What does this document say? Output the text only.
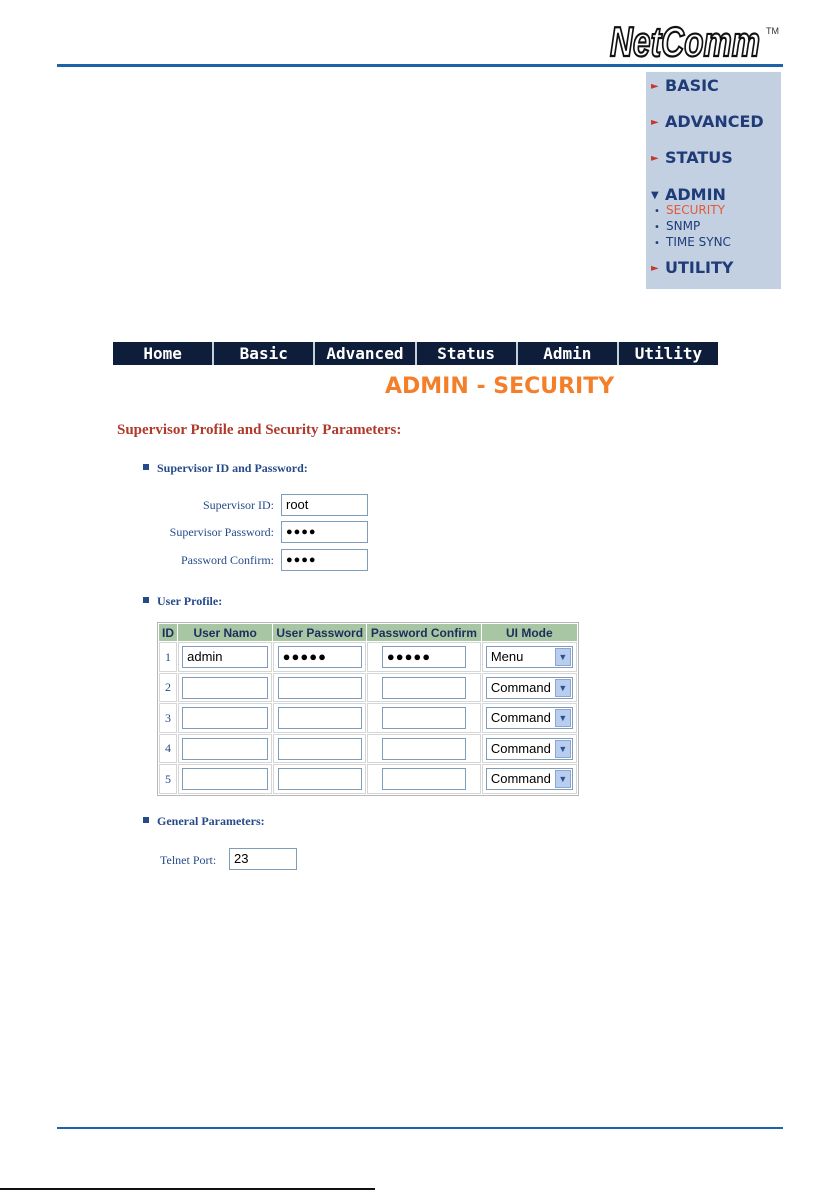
NetComm TM
► BASIC
► ADVANCED
► STATUS
▼ ADMIN
• SECURITY
• SNMP
• TIME SYNC
► UTILITY
Home	Basic	Advanced	Status	Admin	Utility
ADMIN - SECURITY
Supervisor Profile and Security Parameters:
Supervisor ID and Password:
Supervisor ID: root
Supervisor Password:	●●●●
Password Confirm:	●●●●
User Profile:
ID	User Namo	User Password	Password Confirm	UI Mode
1	admin	●●●●●	●●●●●	Menu ▼

2				Command ▼

3				Command ▼

4				Command ▼

5				Command ▼
General Parameters:
Telnet Port:	23
